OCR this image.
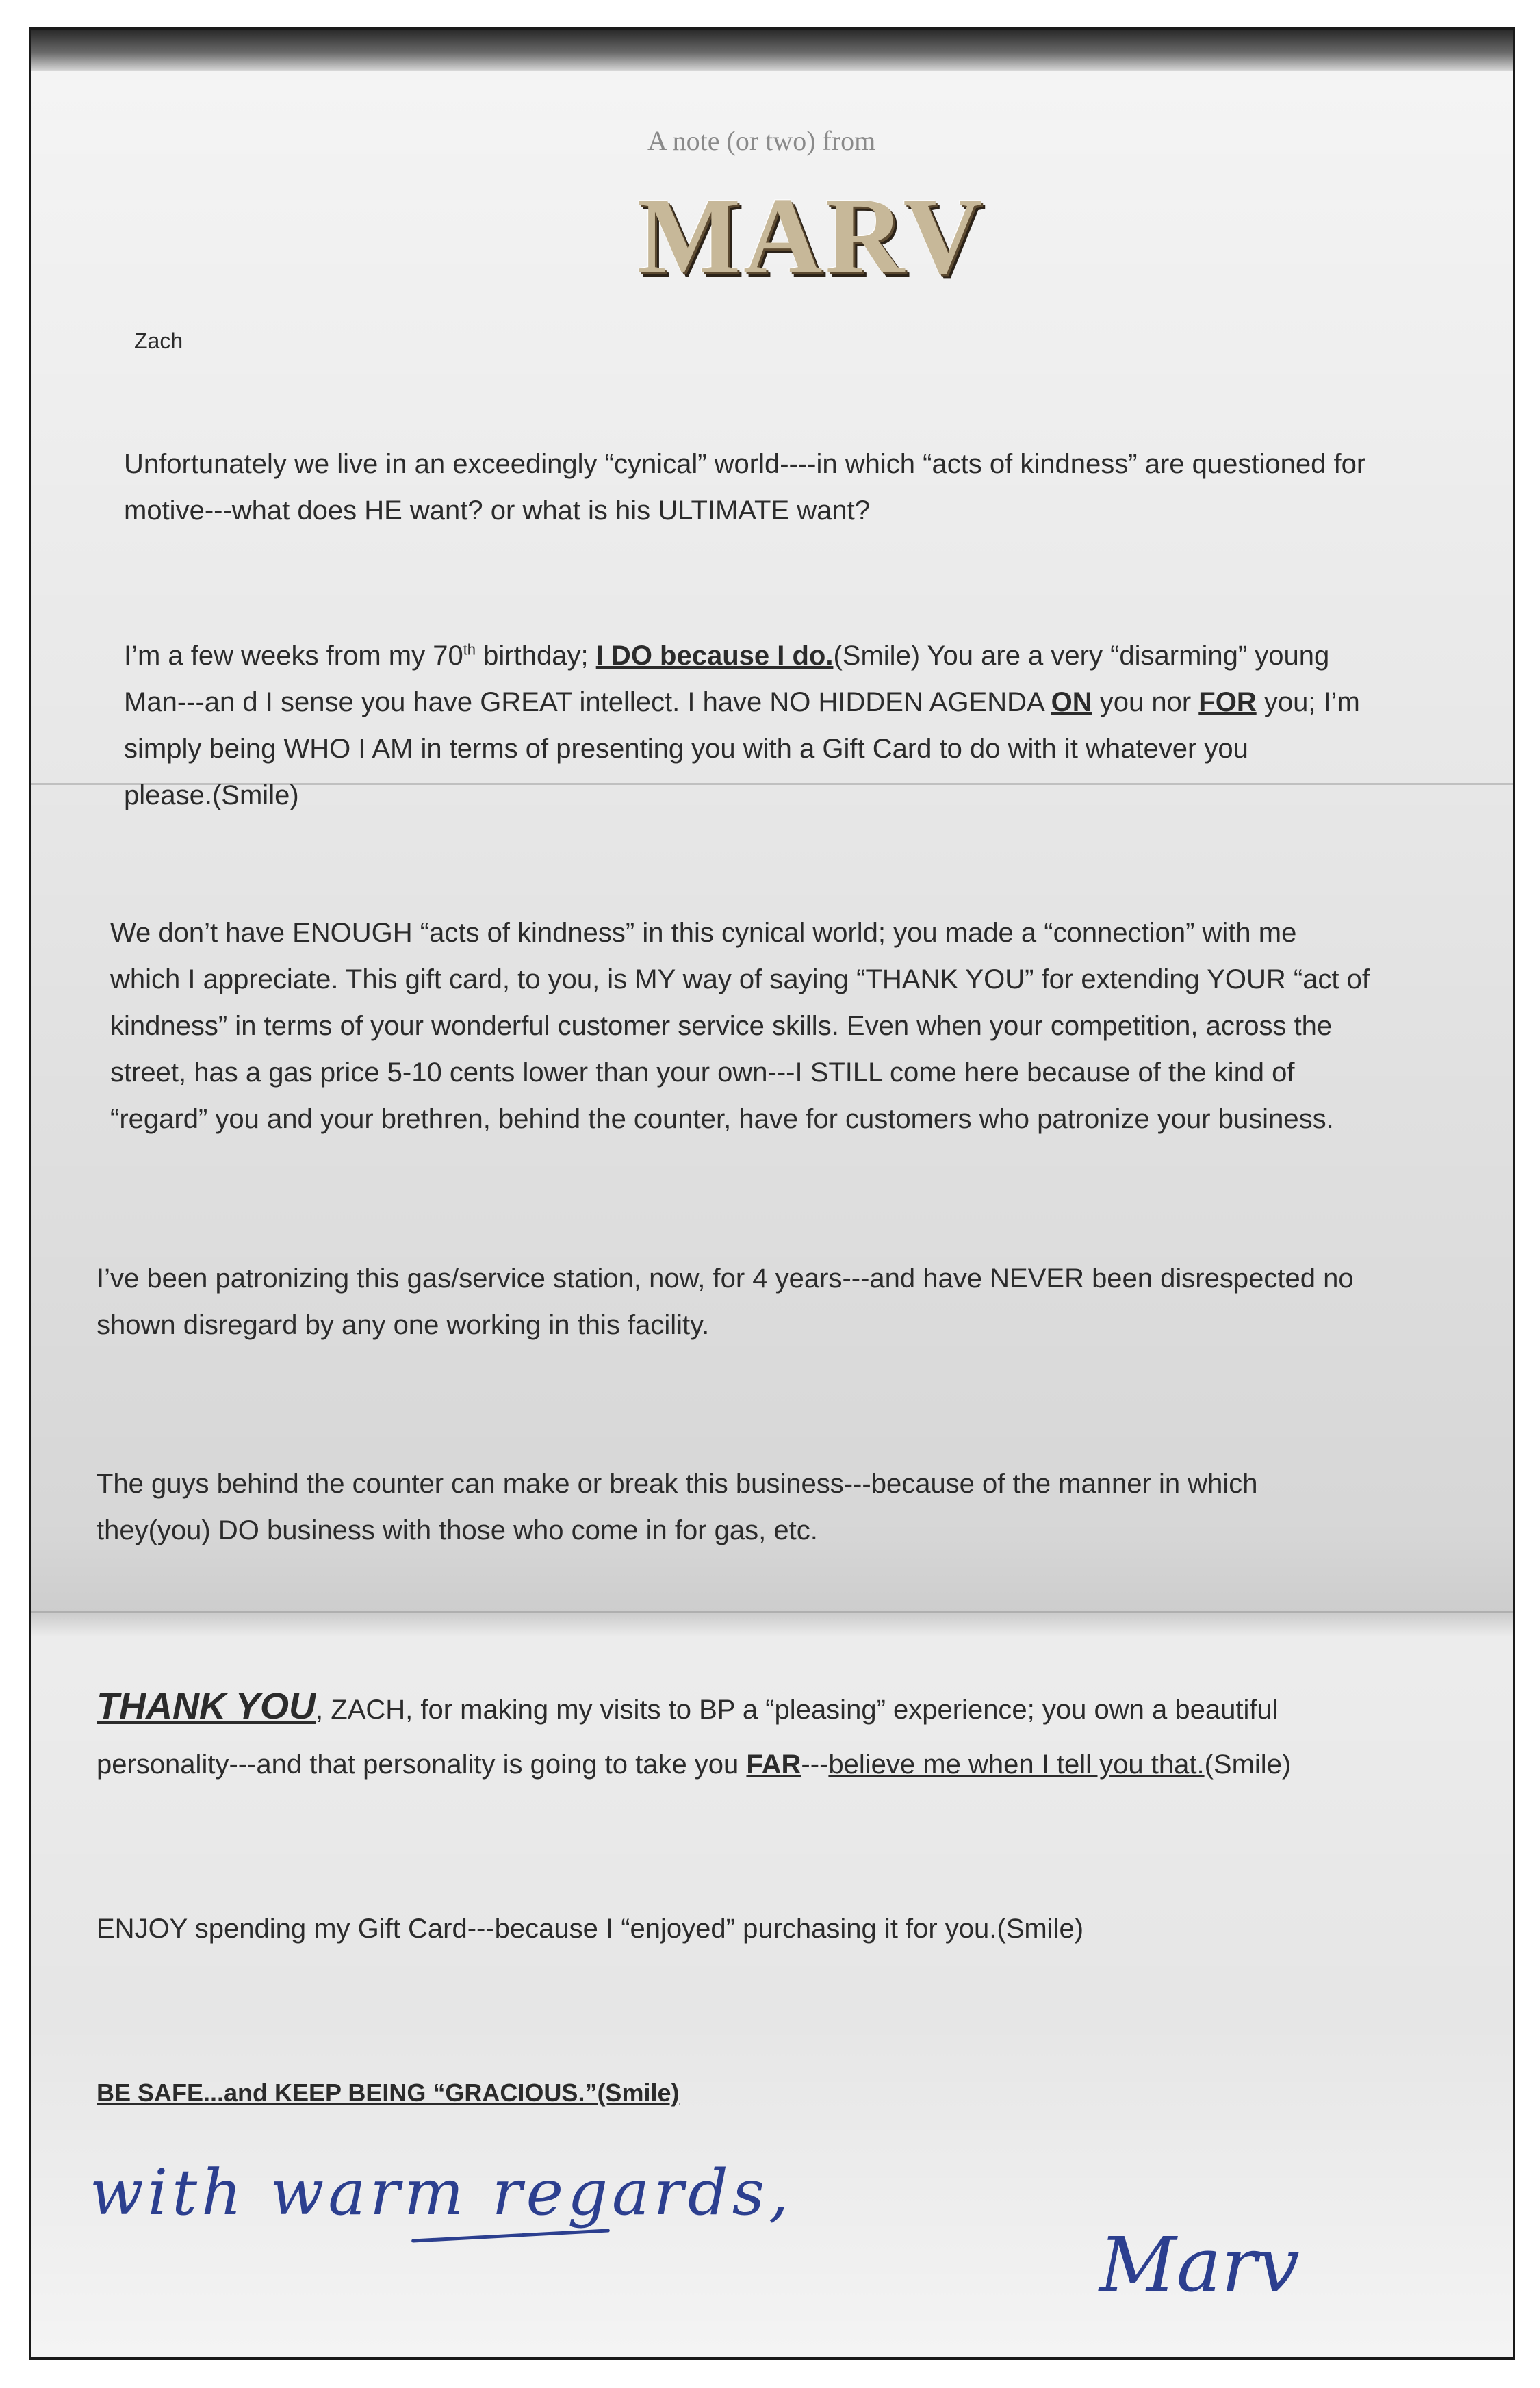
A note (or two) from
MARV
Zach
Unfortunately we live in an exceedingly “cynical” world----in which “acts of kindness” are questioned for
motive---what does HE want? or what is his ULTIMATE want?
I’m a few weeks from my 70th birthday; I DO because I do.(Smile) You are a very “disarming” young
Man---an d I sense you have GREAT intellect. I have NO HIDDEN AGENDA ON you nor FOR you; I’m
simply being WHO I AM in terms of presenting you with a Gift Card to do with it whatever you
please.(Smile)
We don’t have ENOUGH “acts of kindness” in this cynical world; you made a “connection” with me
which I appreciate. This gift card, to you, is MY way of saying “THANK YOU” for extending YOUR “act of
kindness” in terms of your wonderful customer service skills. Even when your competition, across the
street, has a gas price 5-10 cents lower than your own---I STILL come here because of the kind of
“regard” you and your brethren, behind the counter, have for customers who patronize your business.
I’ve been patronizing this gas/service station, now, for 4 years---and have NEVER been disrespected no
shown disregard by any one working in this facility.
The guys behind the counter can make or break this business---because of the manner in which
they(you) DO business with those who come in for gas, etc.
THANK YOU, ZACH, for making my visits to BP a “pleasing” experience; you own a beautiful
personality---and that personality is going to take you FAR---believe me when I tell you that.(Smile)
ENJOY spending my Gift Card---because I “enjoyed” purchasing it for you.(Smile)
BE SAFE...and KEEP BEING “GRACIOUS.”(Smile)
with warm regards,
Marv
